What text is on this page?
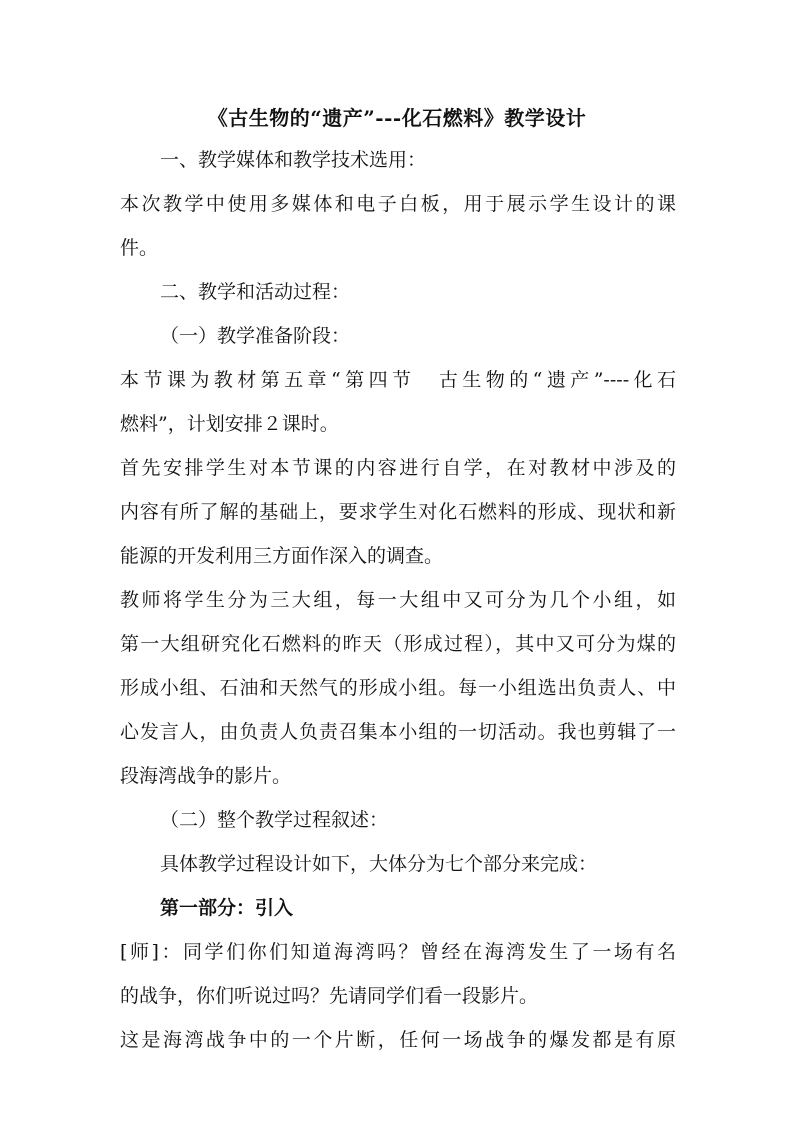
《古生物的“遗产”---化石燃料》教学设计
一、教学媒体和教学技术选用：
本次教学中使用多媒体和电子白板，用于展示学生设计的课
件。
二、教学和活动过程：
（一）教学准备阶段：
本节课为教材第五章“第四节　古生物的“遗产”----化石
燃料”，计划安排２课时。
首先安排学生对本节课的内容进行自学，在对教材中涉及的
内容有所了解的基础上，要求学生对化石燃料的形成、现状和新
能源的开发利用三方面作深入的调查。
教师将学生分为三大组，每一大组中又可分为几个小组，如
第一大组研究化石燃料的昨天（形成过程），其中又可分为煤的
形成小组、石油和天然气的形成小组。每一小组选出负责人、中
心发言人，由负责人负责召集本小组的一切活动。我也剪辑了一
段海湾战争的影片。
（二）整个教学过程叙述：
具体教学过程设计如下，大体分为七个部分来完成：
第一部分：引入
[师]：同学们你们知道海湾吗？曾经在海湾发生了一场有名
的战争，你们听说过吗？先请同学们看一段影片。
这是海湾战争中的一个片断，任何一场战争的爆发都是有原
